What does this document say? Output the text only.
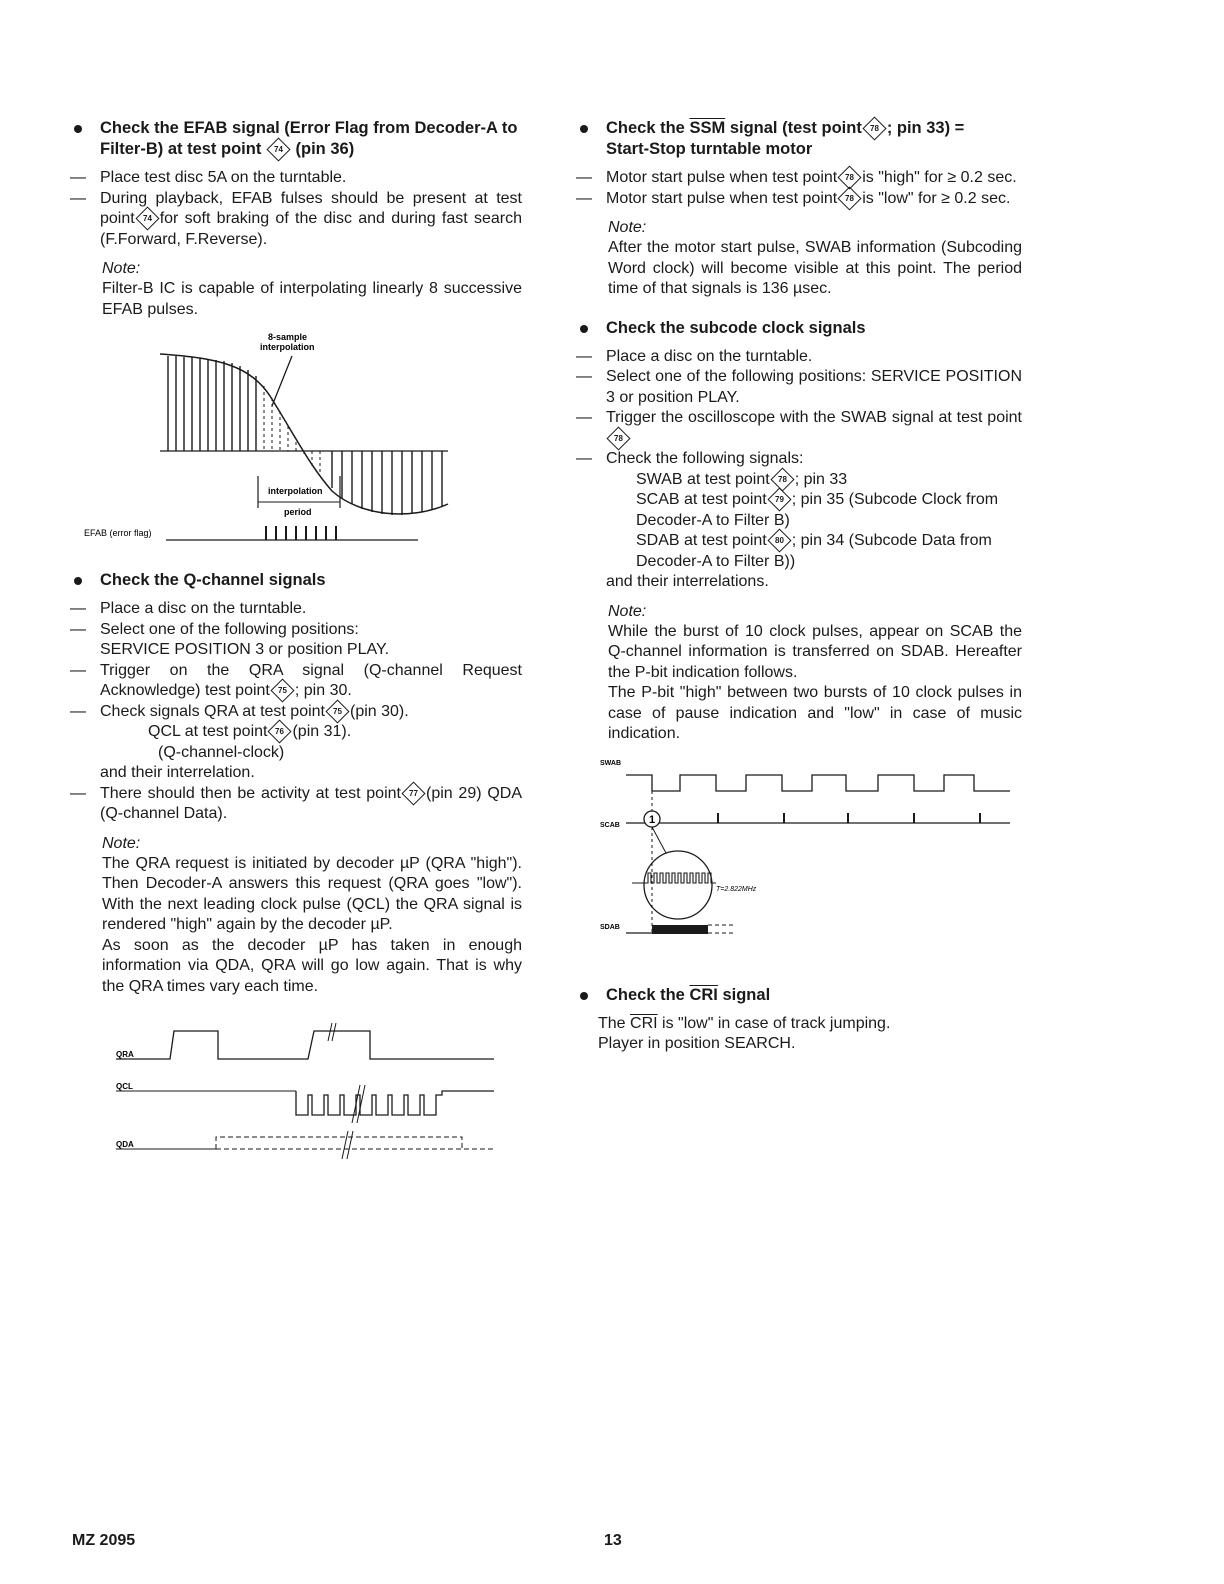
Check the EFAB signal (Error Flag from Decoder-A to Filter-B) at test point 74 (pin 36)
— Place test disc 5A on the turntable.
— During playback, EFAB fulses should be present at test point 74 for soft braking of the disc and during fast search (F.Forward, F.Reverse).
Note:
Filter-B IC is capable of interpolating linearly 8 successive EFAB pulses.
8-sample
interpolation
interpolation
period
EFAB (error flag)
Check the Q-channel signals
— Place a disc on the turntable.
— Select one of the following positions:
SERVICE POSITION 3 or position PLAY.
— Trigger on the QRA signal (Q-channel Request Acknowledge) test point 75 ; pin 30.
— Check signals QRA at test point 75 (pin 30).
QCL at test point 76 (pin 31).
(Q-channel-clock)
and their interrelation.
— There should then be activity at test point 77 (pin 29) QDA (Q-channel Data).
Note:
The QRA request is initiated by decoder µP (QRA "high"). Then Decoder-A answers this request (QRA goes "low"). With the next leading clock pulse (QCL) the QRA signal is rendered "high" again by the decoder µP.
As soon as the decoder µP has taken in enough information via QDA, QRA will go low again. That is why the QRA times vary each time.
QRA
QCL
QDA
Check the $\overline{SSM}$ signal (test point 78 ; pin 33) =
Start-Stop turntable motor
— Motor start pulse when test point 78 is "high" for ≥ 0.2 sec.
— Motor start pulse when test point 78 is "low" for ≥ 0.2 sec.
Note:
After the motor start pulse, SWAB information (Subcoding Word clock) will become visible at this point. The period time of that signals is 136 µsec.
Check the subcode clock signals
— Place a disc on the turntable.
— Select one of the following positions: SERVICE POSITION 3 or position PLAY.
— Trigger the oscilloscope with the SWAB signal at test point78
— Check the following signals:
SWAB at test point 78 ; pin 33
SCAB at test point 79 ; pin 35 (Subcode Clock from Decoder-A to Filter B)
SDAB at test point 80 ; pin 34 (Subcode Data from Decoder-A to Filter B))
and their interrelations.
Note:
While the burst of 10 clock pulses, appear on SCAB the Q-channel information is transferred on SDAB. Hereafter the P-bit indication follows.
The P-bit "high" between two bursts of 10 clock pulses in case of pause indication and "low" in case of music indication.
SWAB
SCAB	1
T=2.822MHz
SDAB
Check the $\overline{CRI}$ signal
The $\overline{CRI}$ is "low" in case of track jumping.
Player in position SEARCH.
MZ 2095	13
